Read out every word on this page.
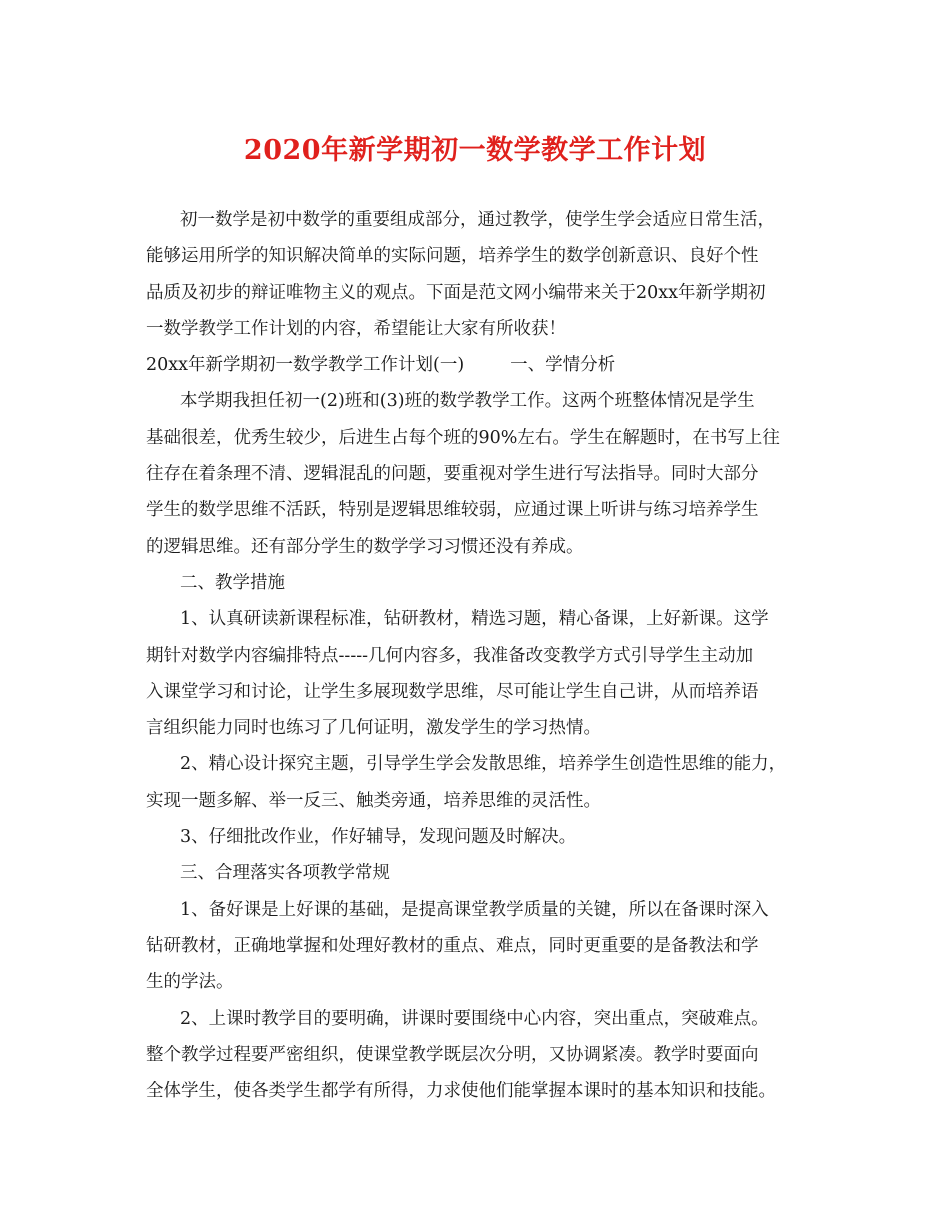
2020年新学期初一数学教学工作计划
初一数学是初中数学的重要组成部分，通过教学，使学生学会适应日常生活，
能够运用所学的知识解决简单的实际问题，培养学生的数学创新意识、良好个性
品质及初步的辩证唯物主义的观点。下面是范文网小编带来关于20xx年新学期初
一数学教学工作计划的内容，希望能让大家有所收获！
20xx年新学期初一数学教学工作计划(一)	一、学情分析
本学期我担任初一(2)班和(3)班的数学教学工作。这两个班整体情况是学生
基础很差，优秀生较少，后进生占每个班的90%左右。学生在解题时，在书写上往
往存在着条理不清、逻辑混乱的问题，要重视对学生进行写法指导。同时大部分
学生的数学思维不活跃，特别是逻辑思维较弱，应通过课上听讲与练习培养学生
的逻辑思维。还有部分学生的数学学习习惯还没有养成。
二、教学措施
1、认真研读新课程标准，钻研教材，精选习题，精心备课，上好新课。这学
期针对数学内容编排特点-----几何内容多，我准备改变教学方式引导学生主动加
入课堂学习和讨论，让学生多展现数学思维，尽可能让学生自己讲，从而培养语
言组织能力同时也练习了几何证明，激发学生的学习热情。
2、精心设计探究主题，引导学生学会发散思维，培养学生创造性思维的能力，
实现一题多解、举一反三、触类旁通，培养思维的灵活性。
3、仔细批改作业，作好辅导，发现问题及时解决。
三、合理落实各项教学常规
1、备好课是上好课的基础，是提高课堂教学质量的关键，所以在备课时深入
钻研教材，正确地掌握和处理好教材的重点、难点，同时更重要的是备教法和学
生的学法。
2、上课时教学目的要明确，讲课时要围绕中心内容，突出重点，突破难点。
整个教学过程要严密组织，使课堂教学既层次分明，又协调紧凑。教学时要面向
全体学生，使各类学生都学有所得，力求使他们能掌握本课时的基本知识和技能。
